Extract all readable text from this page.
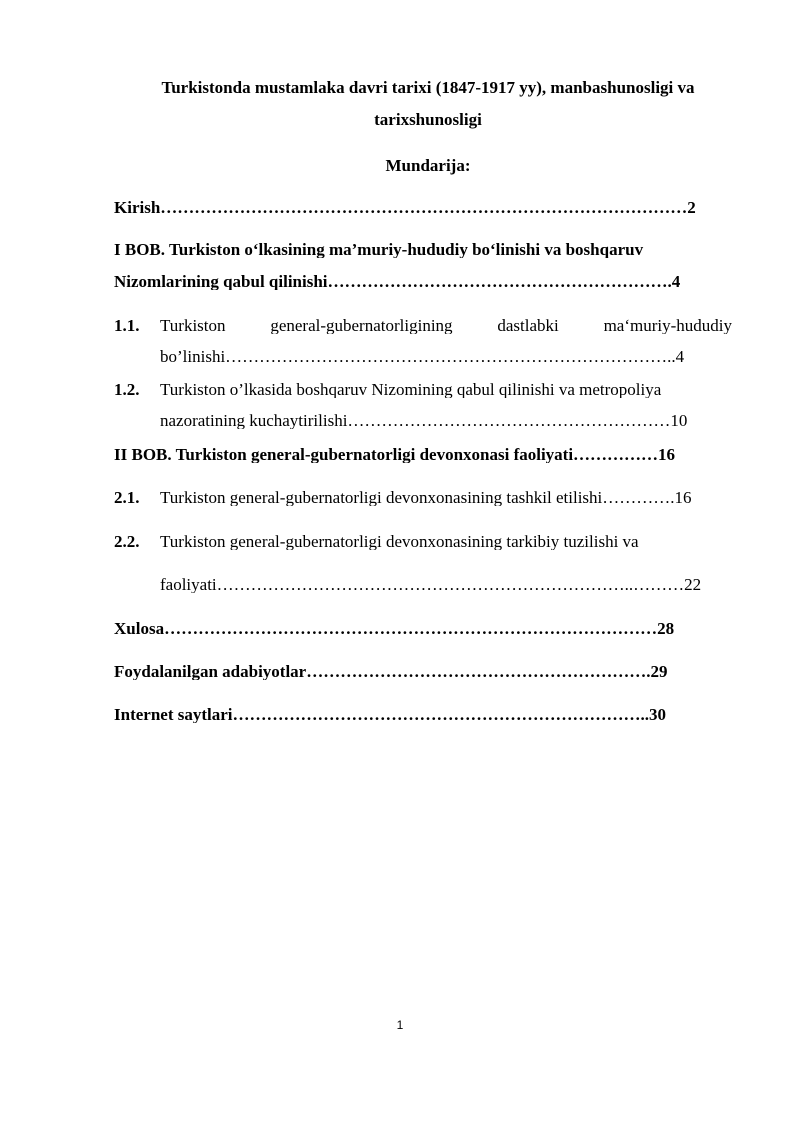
Turkistonda mustamlaka davri tarixi (1847-1917 yy), manbashunosligi va
tarixshunosligi
Mundarija:
Kirish…………………………………………………………………………………2
I BOB. Turkiston o‘lkasining ma’muriy-hududiy bo‘linishi va boshqaruv
Nizomlarining qabul qilinishi…………………………………………………….4
1.1. Turkiston	general-gubernatorligining	dastlabki	ma‘muriy-hududiy
bo’linishi……………………………………………………………………..4
1.2. Turkiston o’lkasida boshqaruv Nizomining qabul qilinishi va metropoliya
nazoratining kuchaytirilishi…………………………………………………10
II BOB. Turkiston general-gubernatorligi devonxonasi faoliyati……………16
2.1. Turkiston general-gubernatorligi devonxonasining tashkil etilishi………….16
2.2. Turkiston general-gubernatorligi devonxonasining tarkibiy tuzilishi va
faoliyati………………………………………………………………..………22
Xulosa……………………………………………………………………………28
Foydalanilgan adabiyotlar…………………………………………………….29
Internet saytlari………………………………………………………………..30
1
